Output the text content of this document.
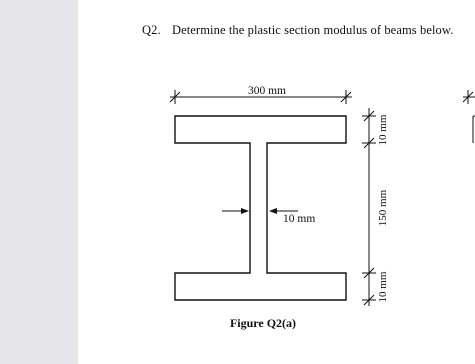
Q2. Determine the plastic section modulus of beams below.
300 mm
10 mm
150 mm
10 mm
10 mm
Figure Q2(a)
